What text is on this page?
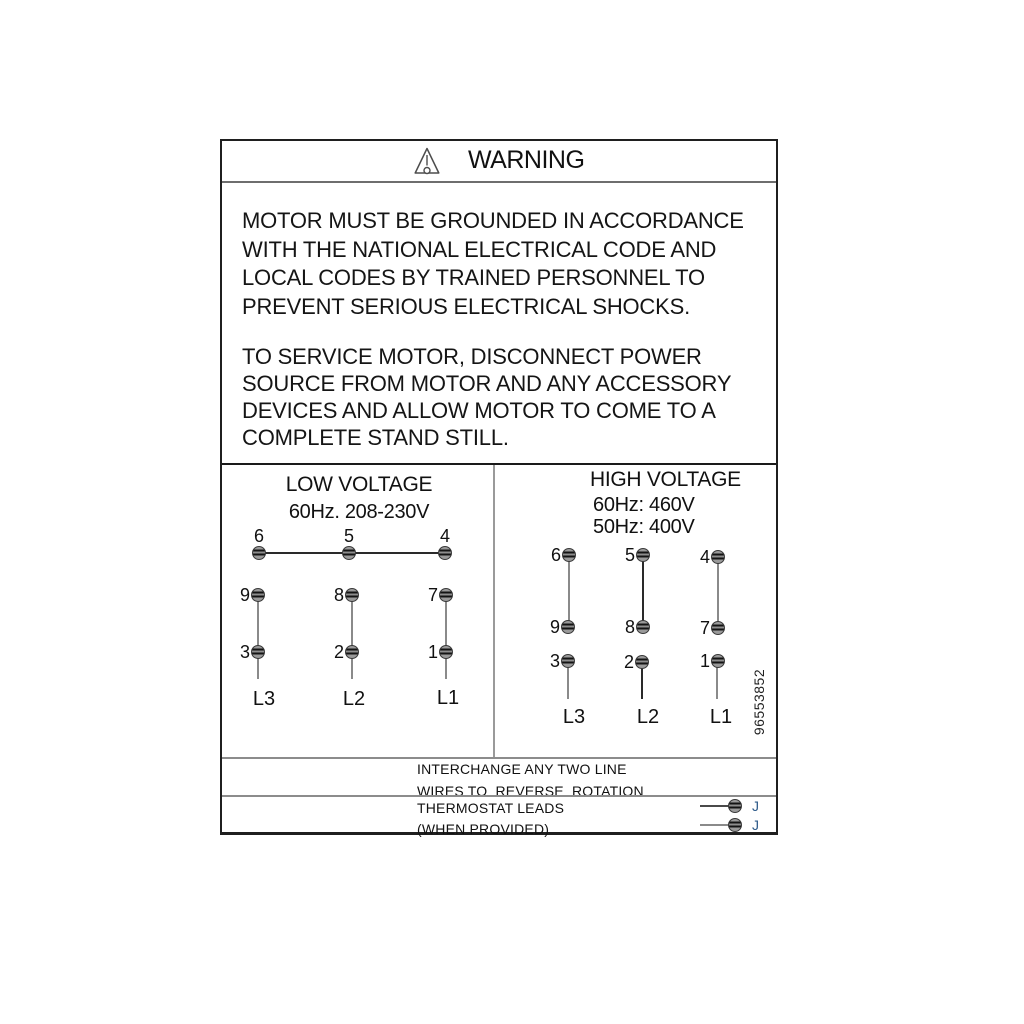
WARNING
MOTOR MUST BE GROUNDED IN ACCORDANCE
WITH THE NATIONAL ELECTRICAL CODE AND
LOCAL CODES BY TRAINED PERSONNEL TO
PREVENT SERIOUS ELECTRICAL SHOCKS.
TO SERVICE MOTOR, DISCONNECT POWER
SOURCE FROM MOTOR AND ANY ACCESSORY
DEVICES AND ALLOW MOTOR TO COME TO A
COMPLETE STAND STILL.
LOW VOLTAGE
60Hz. 208-230V
6	5	4
9	8	7
3	2	1
L3	L2	L1
HIGH VOLTAGE
60Hz: 460V
50Hz: 400V
6	5	4
9	8	7
3	2	1
L3	L2	L1	96553852
INTERCHANGE ANY TWO LINE
WIRES TO  REVERSE  ROTATION
THERMOSTAT LEADS
(WHEN PROVIDED)
J
J
